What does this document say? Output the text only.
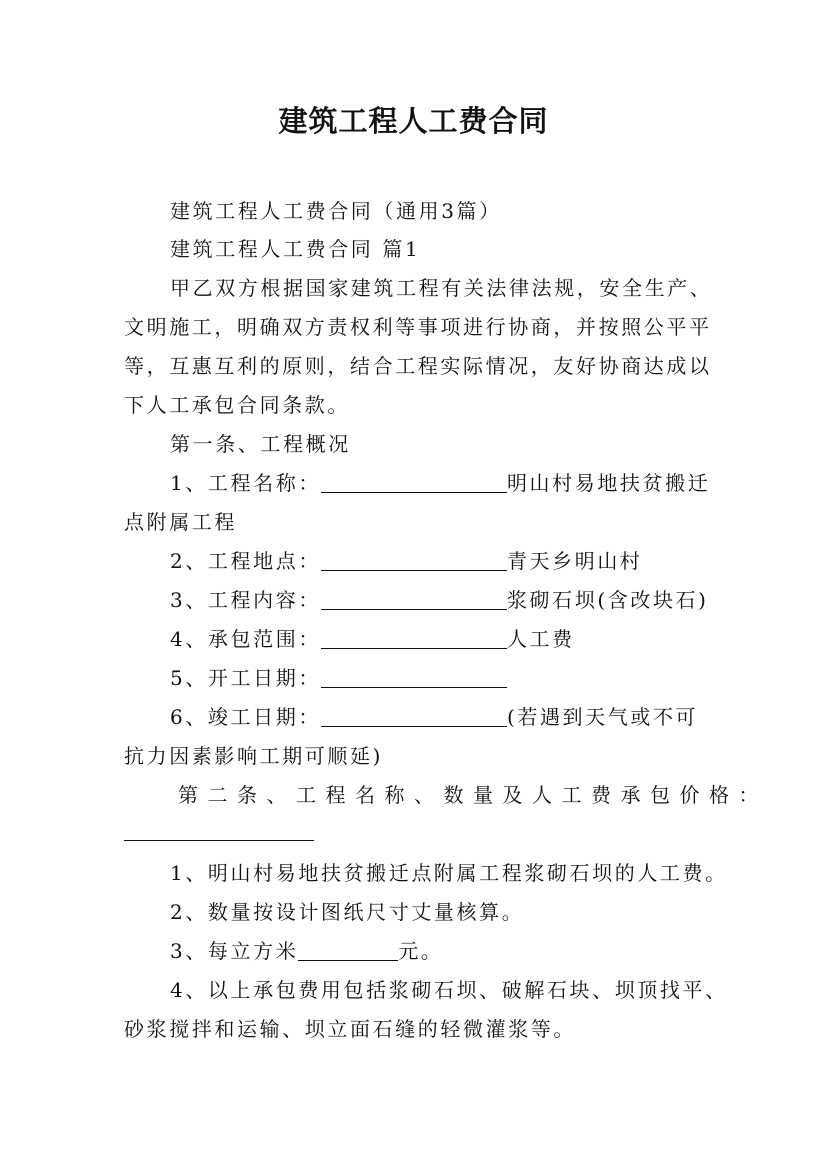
建筑工程人工费合同
建筑工程人工费合同（通用3篇）
建筑工程人工费合同 篇1
甲乙双方根据国家建筑工程有关法律法规，安全生产、
文明施工，明确双方责权利等事项进行协商，并按照公平平
等，互惠互利的原则，结合工程实际情况，友好协商达成以
下人工承包合同条款。
第一条、工程概况
1、工程名称：	明山村易地扶贫搬迁
点附属工程
2、工程地点：	青天乡明山村
3、工程内容：	浆砌石坝(含改块石)
4、承包范围：	人工费
5、开工日期：
6、竣工日期：	(若遇到天气或不可
抗力因素影响工期可顺延)
第二条、工程名称、数量及人工费承包价格：
1、明山村易地扶贫搬迁点附属工程浆砌石坝的人工费。
2、数量按设计图纸尺寸丈量核算。
3、每立方米	元。
4、以上承包费用包括浆砌石坝、破解石块、坝顶找平、
砂浆搅拌和运输、坝立面石缝的轻微灌浆等。
